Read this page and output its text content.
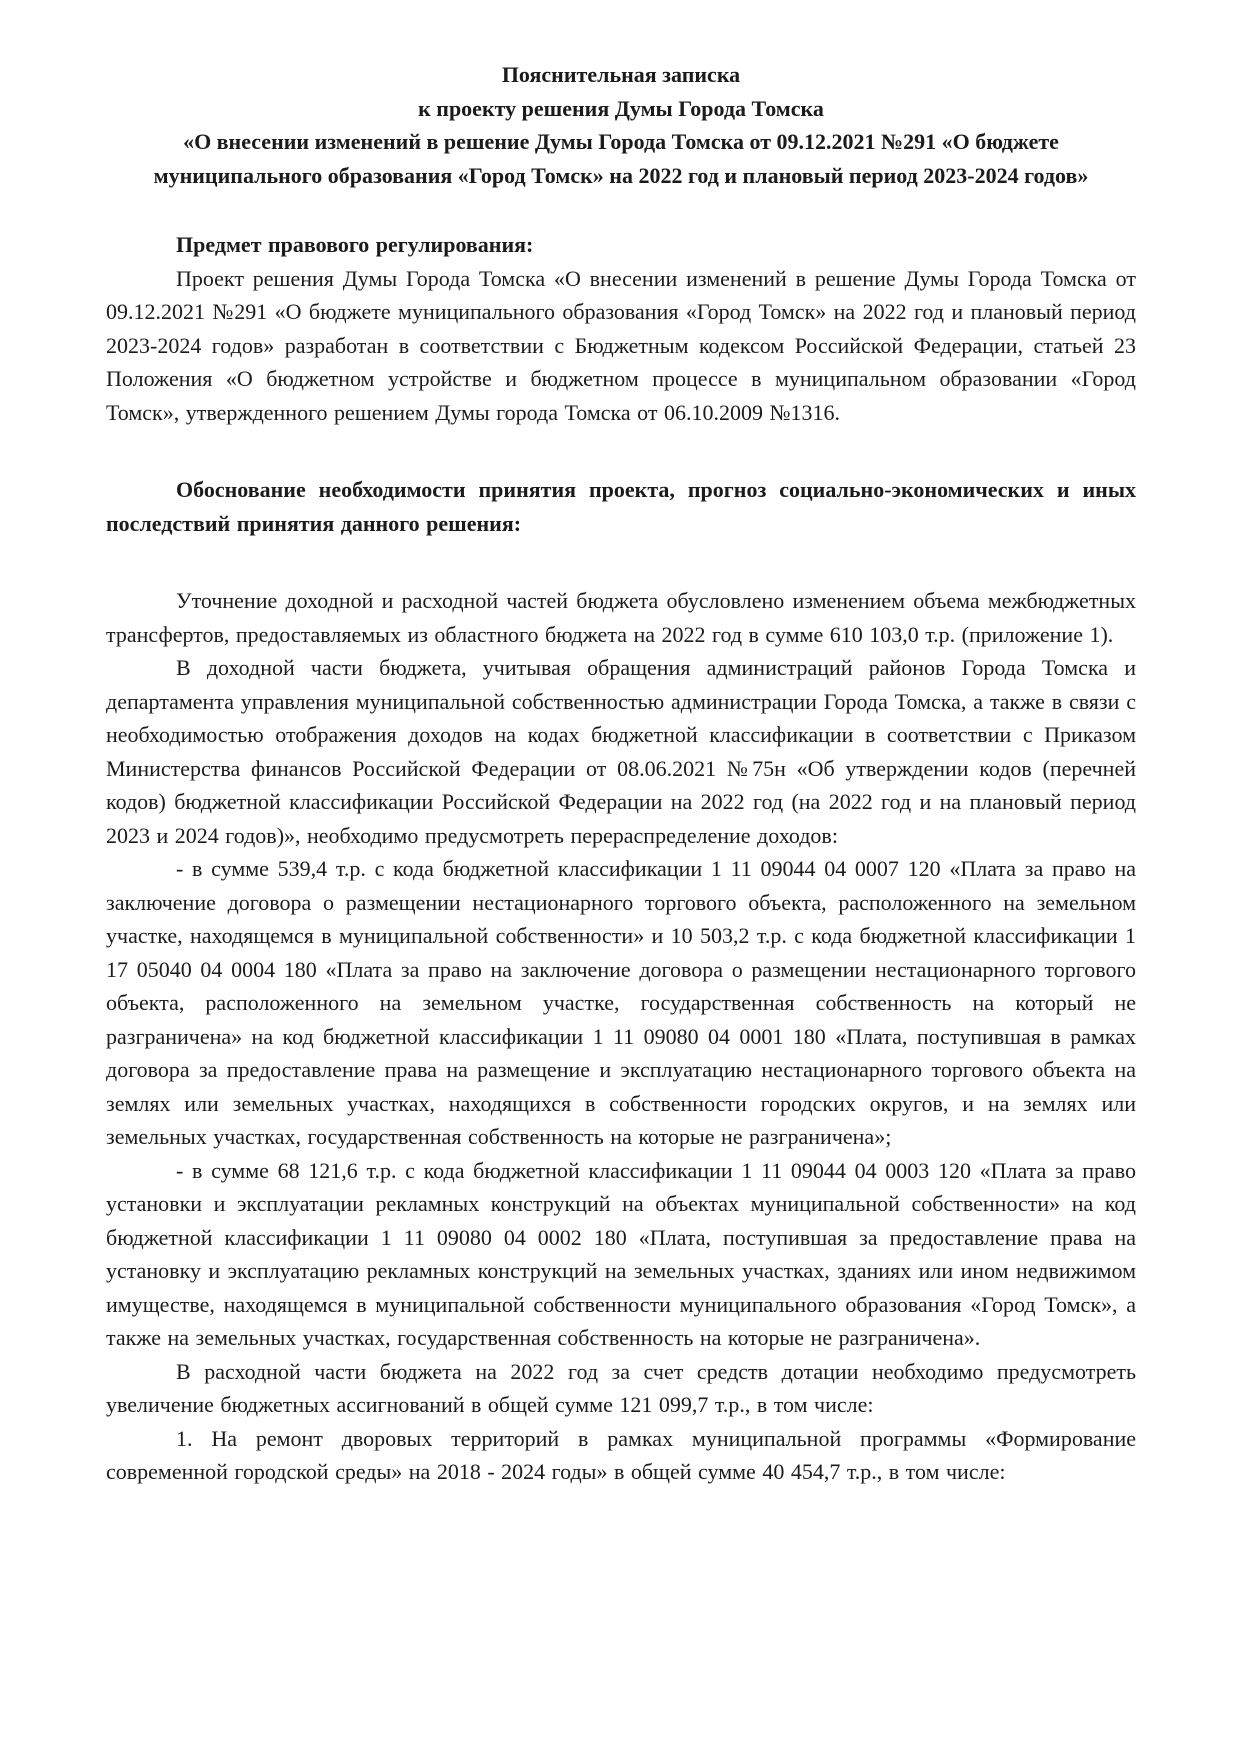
Пояснительная записка
к проекту решения Думы Города Томска
«О внесении изменений в решение Думы Города Томска от 09.12.2021 №291 «О бюджете муниципального образования «Город Томск» на 2022 год и плановый период 2023-2024 годов»

Предмет правового регулирования:

Проект решения Думы Города Томска «О внесении изменений в решение Думы Города Томска от 09.12.2021 №291 «О бюджете муниципального образования «Город Томск» на 2022 год и плановый период 2023-2024 годов» разработан в соответствии с Бюджетным кодексом Российской Федерации, статьей 23 Положения «О бюджетном устройстве и бюджетном процессе в муниципальном образовании «Город Томск», утвержденного решением Думы города Томска от 06.10.2009 №1316.

Обоснование необходимости принятия проекта, прогноз социально-экономических и иных последствий принятия данного решения:

Уточнение доходной и расходной частей бюджета обусловлено изменением объема межбюджетных трансфертов, предоставляемых из областного бюджета на 2022 год в сумме 610 103,0 т.р. (приложение 1).

В доходной части бюджета, учитывая обращения администраций районов Города Томска и департамента управления муниципальной собственностью администрации Города Томска, а также в связи с необходимостью отображения доходов на кодах бюджетной классификации в соответствии с Приказом Министерства финансов Российской Федерации от 08.06.2021 №75н «Об утверждении кодов (перечней кодов) бюджетной классификации Российской Федерации на 2022 год (на 2022 год и на плановый период 2023 и 2024 годов)», необходимо предусмотреть перераспределение доходов:

- в сумме 539,4 т.р. с кода бюджетной классификации 1 11 09044 04 0007 120 «Плата за право на заключение договора о размещении нестационарного торгового объекта, расположенного на земельном участке, находящемся в муниципальной собственности» и 10 503,2 т.р. с кода бюджетной классификации 1 17 05040 04 0004 180 «Плата за право на заключение договора о размещении нестационарного торгового объекта, расположенного на земельном участке, государственная собственность на который не разграничена» на код бюджетной классификации 1 11 09080 04 0001 180 «Плата, поступившая в рамках договора за предоставление права на размещение и эксплуатацию нестационарного торгового объекта на землях или земельных участках, находящихся в собственности городских округов, и на землях или земельных участках, государственная собственность на которые не разграничена»;

- в сумме 68 121,6 т.р. с кода бюджетной классификации 1 11 09044 04 0003 120 «Плата за право установки и эксплуатации рекламных конструкций на объектах муниципальной собственности» на код бюджетной классификации 1 11 09080 04 0002 180 «Плата, поступившая за предоставление права на установку и эксплуатацию рекламных конструкций на земельных участках, зданиях или ином недвижимом имуществе, находящемся в муниципальной собственности муниципального образования «Город Томск», а также на земельных участках, государственная собственность на которые не разграничена».

В расходной части бюджета на 2022 год за счет средств дотации необходимо предусмотреть увеличение бюджетных ассигнований в общей сумме 121 099,7 т.р., в том числе:

1. На ремонт дворовых территорий в рамках муниципальной программы «Формирование современной городской среды» на 2018 - 2024 годы» в общей сумме 40 454,7 т.р., в том числе:
